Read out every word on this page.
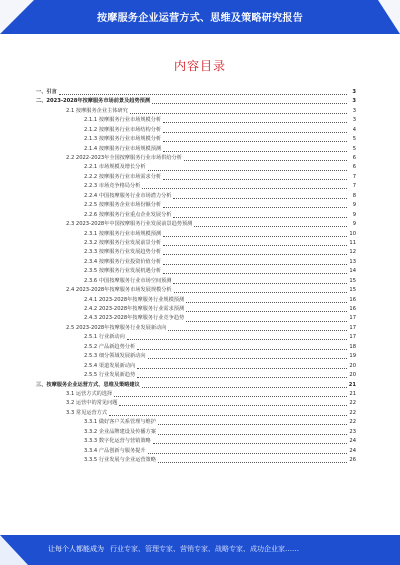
按摩服务企业运营方式、思维及策略研究报告
内容目录
一、引言	3
二、2023-2028年按摩服务市场前景及趋势预测	3
2.1 按摩服务企业主体研究	3
2.1.1 按摩服务行业市场规模分析	3
2.1.2 按摩服务行业市场结构分析	4
2.1.3 按摩服务行业市场规模分析	5
2.1.4 按摩服务行业市场规模预测	5
2.2 2022-2023年全国按摩服务行业市场供给分析	6
2.2.1 市场规模及增长分析	6
2.2.2 按摩服务行业市场需求分析	7
2.2.3 市场竞争格局分析	7
2.2.4 中国按摩服务行业市场潜力分析	8
2.2.5 按摩服务企业市场份额分析	9
2.2.6 按摩服务行业重点企业发展分析	9
2.3 2023-2028年中国按摩服务行业发展前景趋势预测	9
2.3.1 按摩服务行业市场规模预测	10
2.3.2 按摩服务行业发展前景分析	11
2.3.3 按摩服务行业发展趋势分析	12
2.3.4 按摩服务行业投资价值分析	13
2.3.5 按摩服务行业发展机遇分析	14
2.3.6 中国按摩服务行业市场空间预测	15
2.4 2023-2028年按摩服务市场发展规模分析	15
2.4.1 2023-2028年按摩服务行业规模预测	16
2.4.2 2023-2028年按摩服务行业需求预测	16
2.4.3 2023-2028年按摩服务行业竞争趋势	17
2.5 2023-2028年按摩服务行业发展新动向	17
2.5.1 行业新动向	17
2.5.2 产品新趋势分析	18
2.5.3 细分领域发展新动向	19
2.5.4 渠道发展新动向	20
2.5.5 行业发展新趋势	20
三、按摩服务企业运营方式、思维及策略建议	21
3.1 运营方式的选择	21
3.2 运营中的常见问题	22
3.3 常见运营方式	22
3.3.1 做好客户关系管理与维护	22
3.3.2 企业品牌建设及传播方案	23
3.3.3 数字化运营与营销策略	24
3.3.4 产品创新与服务提升	24
3.3.5 行业发展与企业运营策略	26
让每个人都能成为 行业专家、管理专家、营销专家、战略专家、成功企业家……
